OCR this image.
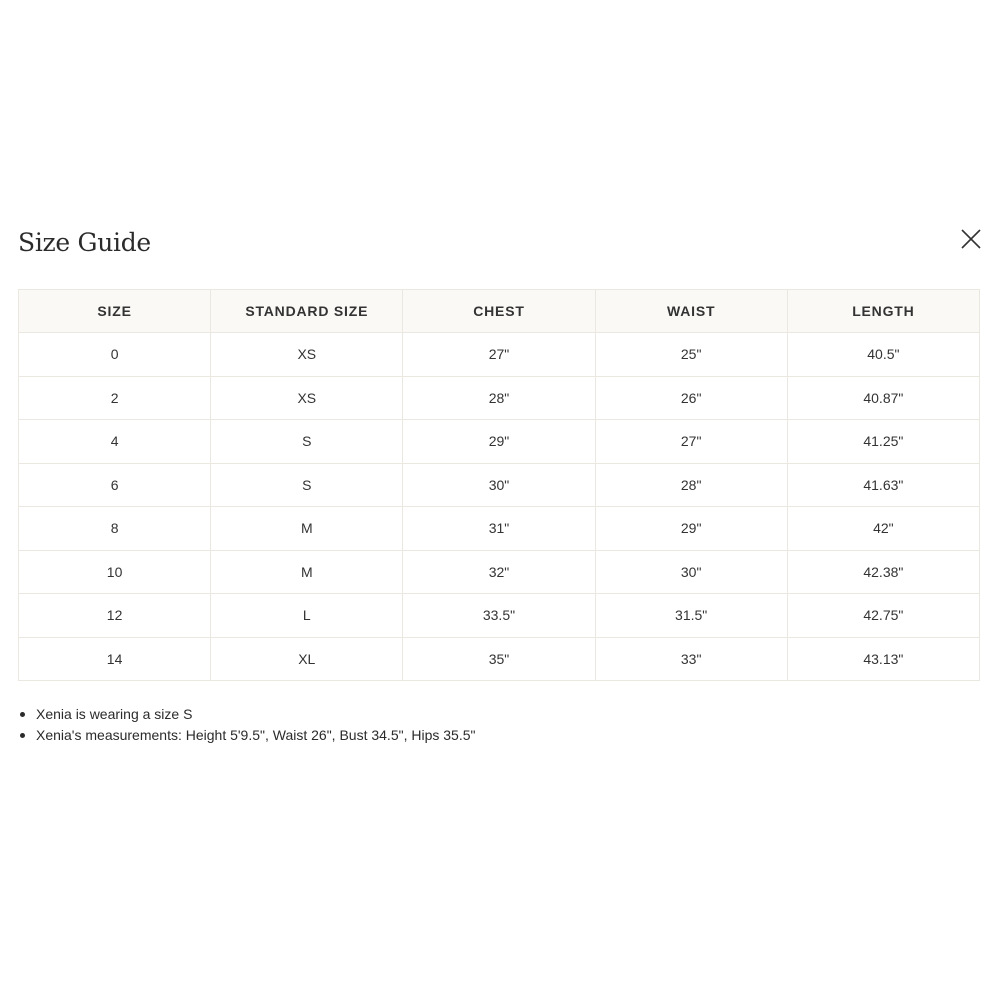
Size Guide
SIZE	STANDARD SIZE	CHEST	WAIST	LENGTH
0	XS	27"	25"	40.5"
2	XS	28"	26"	40.87"
4	S	29"	27"	41.25"
6	S	30"	28"	41.63"
8	M	31"	29"	42"
10	M	32"	30"	42.38"
12	L	33.5"	31.5"	42.75"
14	XL	35"	33"	43.13"
Xenia is wearing a size S
Xenia's measurements: Height 5'9.5", Waist 26", Bust 34.5", Hips 35.5"
